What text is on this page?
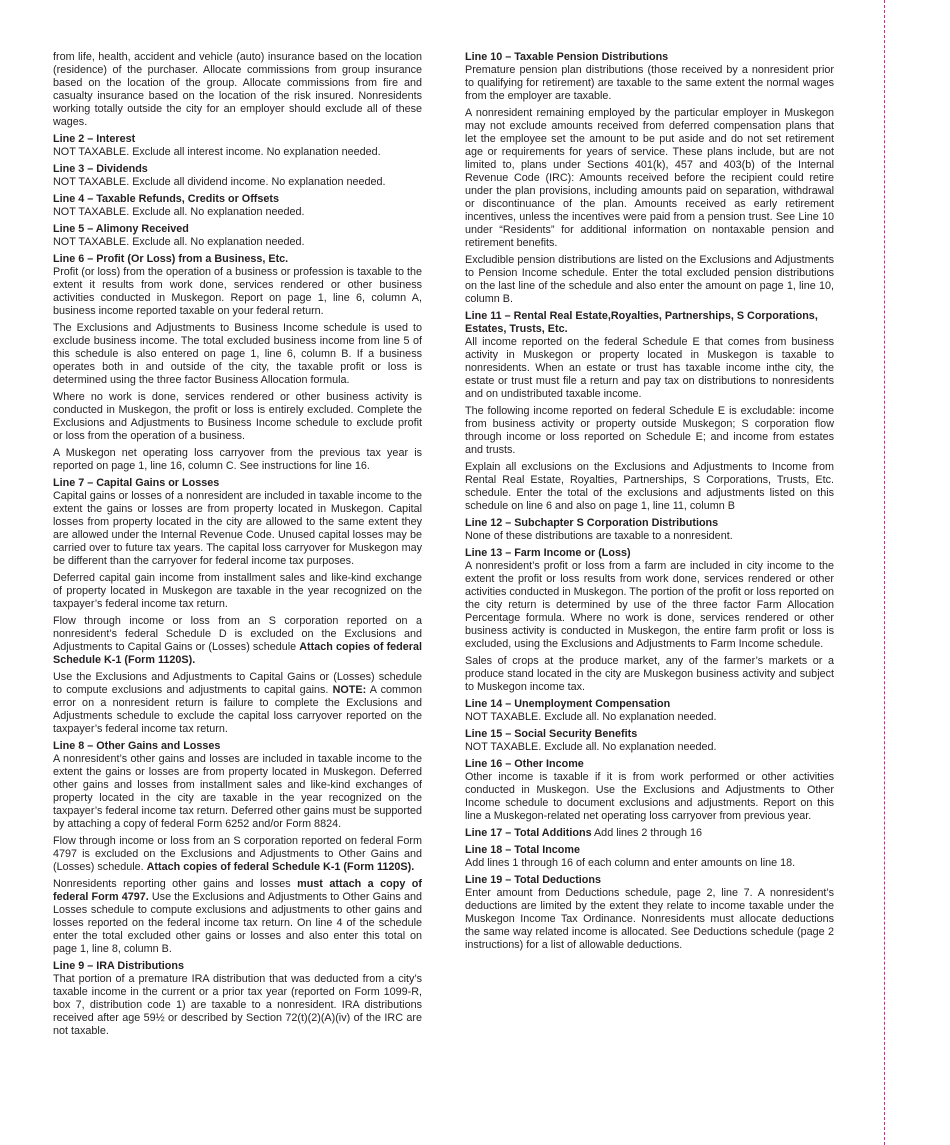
from life, health, accident and vehicle (auto) insurance based on the location (residence) of the purchaser. Allocate commissions from group insurance based on the location of the group. Allocate commissions from fire and casualty insurance based on the location of the risk insured. Nonresidents working totally outside the city for an employer should exclude all of these wages.

Line 2 – Interest

NOT TAXABLE. Exclude all interest income. No explanation needed.

Line 3 – Dividends

NOT TAXABLE. Exclude all dividend income. No explanation needed.

Line 4 – Taxable Refunds, Credits or Offsets

NOT TAXABLE. Exclude all. No explanation needed.

Line 5 – Alimony Received

NOT TAXABLE. Exclude all. No explanation needed.

Line 6 – Profit (Or Loss) from a Business, Etc.

Profit (or loss) from the operation of a business or profession is taxable to the extent it results from work done, services rendered or other business activities conducted in Muskegon. Report on page 1, line 6, column A, business income reported taxable on your federal return.

The Exclusions and Adjustments to Business Income schedule is used to exclude business income. The total excluded business income from line 5 of this schedule is also entered on page 1, line 6, column B. If a business operates both in and outside of the city, the taxable profit or loss is determined using the three factor Business Allocation formula.

Where no work is done, services rendered or other business activity is conducted in Muskegon, the profit or loss is entirely excluded. Complete the Exclusions and Adjustments to Business Income schedule to exclude profit or loss from the operation of a business.

A Muskegon net operating loss carryover from the previous tax year is reported on page 1, line 16, column C. See instructions for line 16.

Line 7 – Capital Gains or Losses

Capital gains or losses of a nonresident are included in taxable income to the extent the gains or losses are from property located in Muskegon. Capital losses from property located in the city are allowed to the same extent they are allowed under the Internal Revenue Code. Unused capital losses may be carried over to future tax years. The capital loss carryover for Muskegon may be different than the carryover for federal income tax purposes.

Deferred capital gain income from installment sales and like-kind exchange of property located in Muskegon are taxable in the year recognized on the taxpayer’s federal income tax return.

Flow through income or loss from an S corporation reported on a nonresident’s federal Schedule D is excluded on the Exclusions and Adjustments to Capital Gains or (Losses) schedule Attach copies of federal Schedule K-1 (Form 1120S).

Use the Exclusions and Adjustments to Capital Gains or (Losses) schedule to compute exclusions and adjustments to capital gains. NOTE: A common error on a nonresident return is failure to complete the Exclusions and Adjustments schedule to exclude the capital loss carryover reported on the taxpayer’s federal income tax return.

Line 8 – Other Gains and Losses

A nonresident’s other gains and losses are included in taxable income to the extent the gains or losses are from property located in Muskegon. Deferred other gains and losses from installment sales and like-kind exchanges of property located in the city are taxable in the year recognized on the taxpayer’s federal income tax return. Deferred other gains must be supported by attaching a copy of federal Form 6252 and/or Form 8824.

Flow through income or loss from an S corporation reported on federal Form 4797 is excluded on the Exclusions and Adjustments to Other Gains and (Losses) schedule. Attach copies of federal Schedule K-1 (Form 1120S).

Nonresidents reporting other gains and losses must attach a copy of federal Form 4797. Use the Exclusions and Adjustments to Other Gains and Losses schedule to compute exclusions and adjustments to other gains and losses reported on the federal income tax return. On line 4 of the schedule enter the total excluded other gains or losses and also enter this total on page 1, line 8, column B.

Line 9 – IRA Distributions

That portion of a premature IRA distribution that was deducted from a city’s taxable income in the current or a prior tax year (reported on Form 1099-R, box 7, distribution code 1) are taxable to a nonresident. IRA distributions received after age 59½ or described by Section 72(t)(2)(A)(iv) of the IRC are not taxable.

Line 10 – Taxable Pension Distributions

Premature pension plan distributions (those received by a nonresident prior to qualifying for retirement) are taxable to the same extent the normal wages from the employer are taxable.

A nonresident remaining employed by the particular employer in Muskegon may not exclude amounts received from deferred compensation plans that let the employee set the amount to be put aside and do not set retirement age or requirements for years of service. These plans include, but are not limited to, plans under Sections 401(k), 457 and 403(b) of the Internal Revenue Code (IRC): Amounts received before the recipient could retire under the plan provisions, including amounts paid on separation, withdrawal or discontinuance of the plan. Amounts received as early retirement incentives, unless the incentives were paid from a pension trust. See Line 10 under “Residents” for additional information on nontaxable pension and retirement benefits.

Excludible pension distributions are listed on the Exclusions and Adjustments to Pension Income schedule. Enter the total excluded pension distributions on the last line of the schedule and also enter the amount on page 1, line 10, column B.

Line 11 – Rental Real Estate,Royalties, Partnerships, S Corporations, Estates, Trusts, Etc.

All income reported on the federal Schedule E that comes from business activity in Muskegon or property located in Muskegon is taxable to nonresidents. When an estate or trust has taxable income inthe city, the estate or trust must file a return and pay tax on distributions to nonresidents and on undistributed taxable income.

The following income reported on federal Schedule E is excludable: income from business activity or property outside Muskegon; S corporation flow through income or loss reported on Schedule E; and income from estates and trusts.

Explain all exclusions on the Exclusions and Adjustments to Income from Rental Real Estate, Royalties, Partnerships, S Corporations, Trusts, Etc. schedule. Enter the total of the exclusions and adjustments listed on this schedule on line 6 and also on page 1, line 11, column B

Line 12 – Subchapter S Corporation Distributions

None of these distributions are taxable to a nonresident.

Line 13 – Farm Income or (Loss)

A nonresident’s profit or loss from a farm are included in city income to the extent the profit or loss results from work done, services rendered or other activities conducted in Muskegon. The portion of the profit or loss reported on the city return is determined by use of the three factor Farm Allocation Percentage formula. Where no work is done, services rendered or other business activity is conducted in Muskegon, the entire farm profit or loss is excluded, using the Exclusions and Adjustments to Farm Income schedule.

Sales of crops at the produce market, any of the farmer’s markets or a produce stand located in the city are Muskegon business activity and subject to Muskegon income tax.

Line 14 – Unemployment Compensation

NOT TAXABLE. Exclude all. No explanation needed.

Line 15 – Social Security Benefits

NOT TAXABLE. Exclude all. No explanation needed.

Line 16 – Other Income

Other income is taxable if it is from work performed or other activities conducted in Muskegon. Use the Exclusions and Adjustments to Other Income schedule to document exclusions and adjustments. Report on this line a Muskegon-related net operating loss carryover from previous year.

Line 17 – Total Additions Add lines 2 through 16

Line 18 – Total Income

Add lines 1 through 16 of each column and enter amounts on line 18.

Line 19 – Total Deductions

Enter amount from Deductions schedule, page 2, line 7. A nonresident’s deductions are limited by the extent they relate to income taxable under the Muskegon Income Tax Ordinance. Nonresidents must allocate deductions the same way related income is allocated. See Deductions schedule (page 2 instructions) for a list of allowable deductions.
